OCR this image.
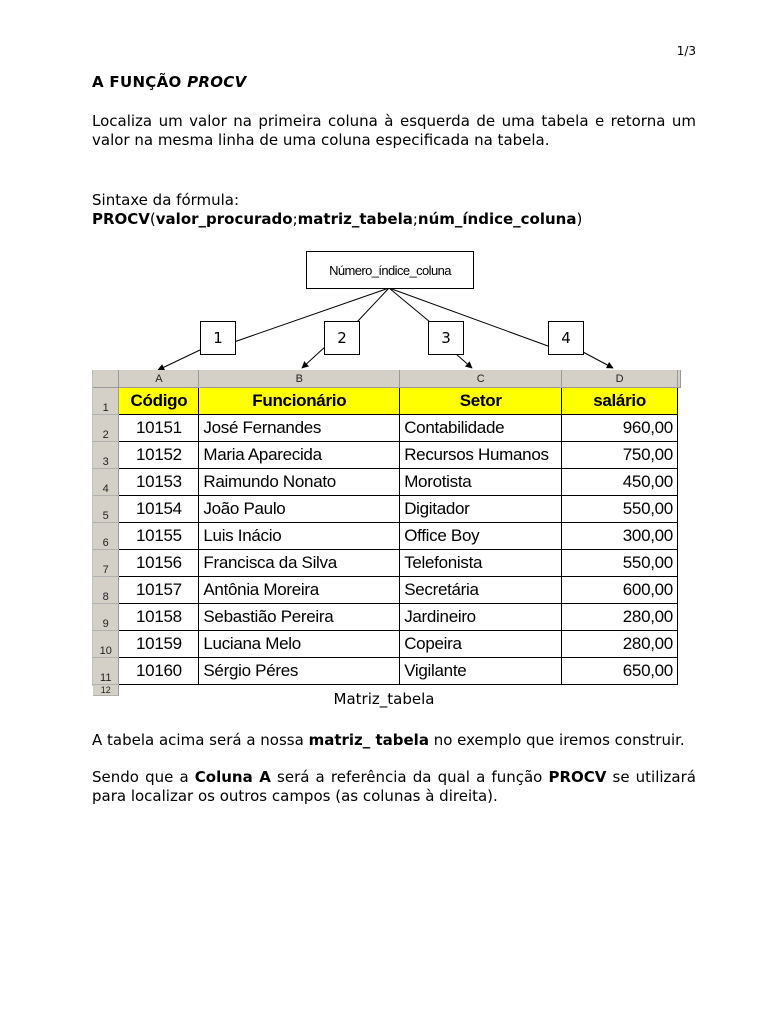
1/3
A FUNÇÃO PROCV
Localiza um valor na primeira coluna à esquerda de uma tabela e retorna um valor na mesma linha de uma coluna especificada na tabela.
Sintaxe da fórmula:
PROCV(valor_procurado;matriz_tabela;núm_índice_coluna)
Número_índice_coluna
1	2	3	4
	A	B	C	D	
1	Código	Funcionário	Setor	salário	
2	10151	José Fernandes	Contabilidade	960,00	
3	10152	Maria Aparecida	Recursos Humanos	750,00	
4	10153	Raimundo Nonato	Morotista	450,00	
5	10154	João Paulo	Digitador	550,00	
6	10155	Luis Inácio	Office Boy	300,00	
7	10156	Francisca da Silva	Telefonista	550,00	
8	10157	Antônia Moreira	Secretária	600,00	
9	10158	Sebastião Pereira	Jardineiro	280,00	
10	10159	Luciana Melo	Copeira	280,00	
11	10160	Sérgio Péres	Vigilante	650,00	
12						Matriz_tabela
A tabela acima será a nossa matriz_ tabela no exemplo que iremos construir.
Sendo que a Coluna A será a referência da qual a função PROCV se utilizará para localizar os outros campos (as colunas à direita).
